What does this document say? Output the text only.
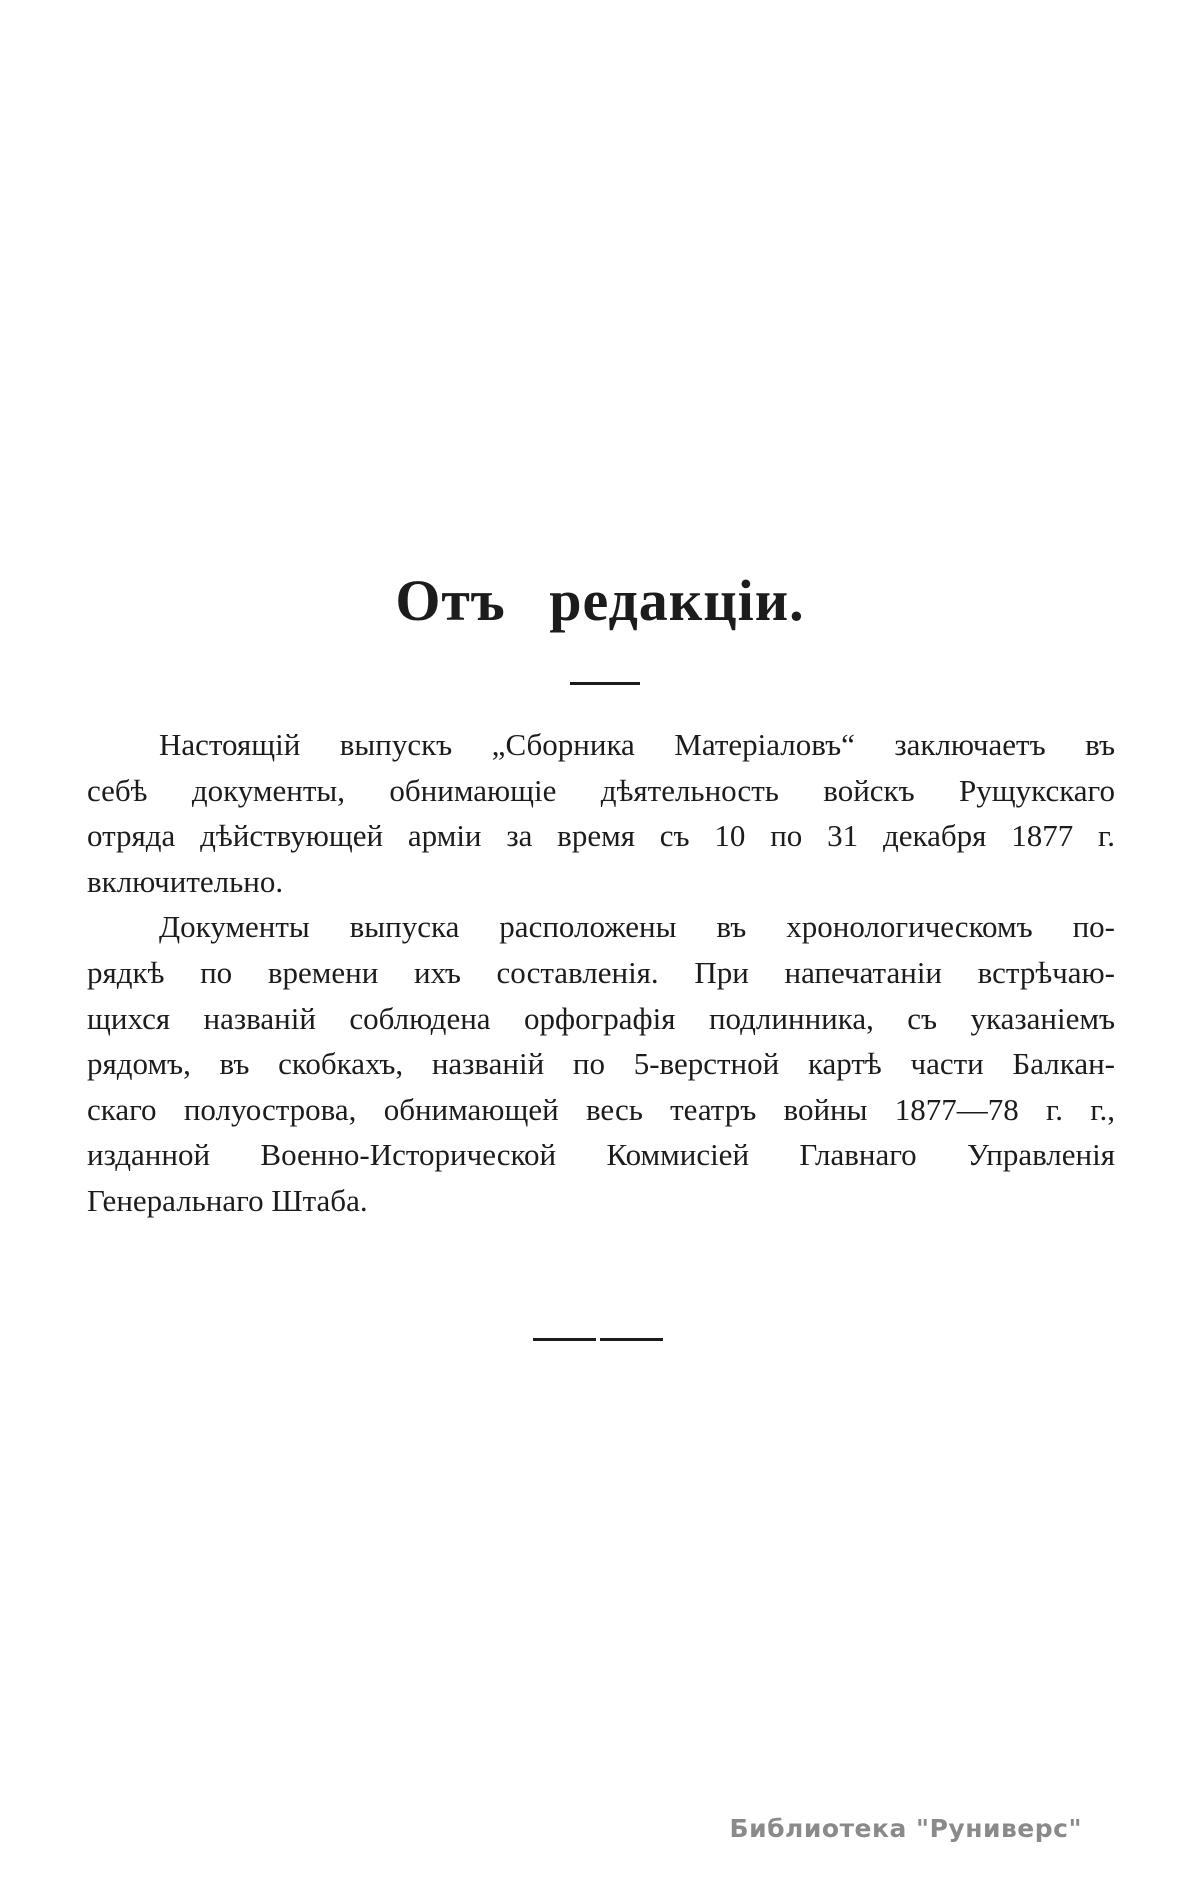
Отъ редакціи.
Настоящій выпускъ „Сборника Матеріаловъ“ заключаетъ въ
себѣ документы, обнимающіе дѣятельность войскъ Рущукскаго
отряда дѣйствующей арміи за время съ 10 по 31 декабря 1877 г.
включительно.
Документы выпуска расположены въ хронологическомъ по-
рядкѣ по времени ихъ составленія. При напечатаніи встрѣчаю-
щихся названій соблюдена орфографія подлинника, съ указаніемъ
рядомъ, въ скобкахъ, названій по 5-верстной картѣ части Балкан-
скаго полуострова, обнимающей весь театръ войны 1877—78 г. г.,
изданной Военно-Исторической Коммисіей Главнаго Управленія
Генеральнаго Штаба.
Библиотека "Руниверс"
